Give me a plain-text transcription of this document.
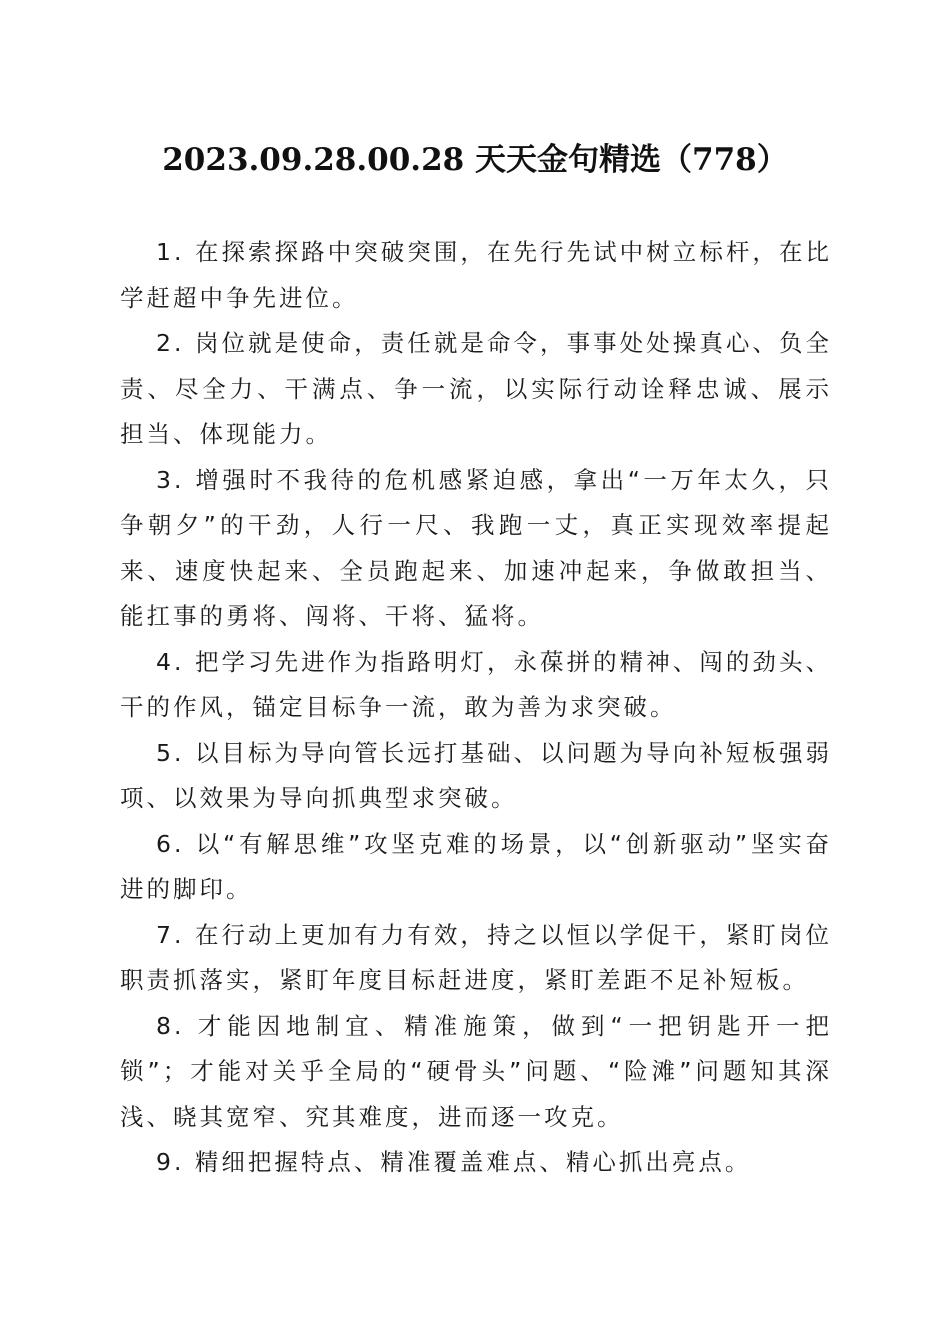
2023.09.28.00.28 天天金句精选（778）

1. 在探索探路中突破突围，在先行先试中树立标杆，在比学赶超中争先进位。

2. 岗位就是使命，责任就是命令，事事处处操真心、负全责、尽全力、干满点、争一流，以实际行动诠释忠诚、展示担当、体现能力。

3. 增强时不我待的危机感紧迫感，拿出“一万年太久，只争朝夕”的干劲，人行一尺、我跑一丈，真正实现效率提起来、速度快起来、全员跑起来、加速冲起来，争做敢担当、能扛事的勇将、闯将、干将、猛将。

4. 把学习先进作为指路明灯，永葆拼的精神、闯的劲头、干的作风，锚定目标争一流，敢为善为求突破。

5. 以目标为导向管长远打基础、以问题为导向补短板强弱项、以效果为导向抓典型求突破。

6. 以“有解思维”攻坚克难的场景，以“创新驱动”坚实奋进的脚印。

7. 在行动上更加有力有效，持之以恒以学促干，紧盯岗位职责抓落实，紧盯年度目标赶进度，紧盯差距不足补短板。

8. 才能因地制宜、精准施策，做到“一把钥匙开一把锁”；才能对关乎全局的“硬骨头”问题、“险滩”问题知其深浅、晓其宽窄、究其难度，进而逐一攻克。

9. 精细把握特点、精准覆盖难点、精心抓出亮点。
